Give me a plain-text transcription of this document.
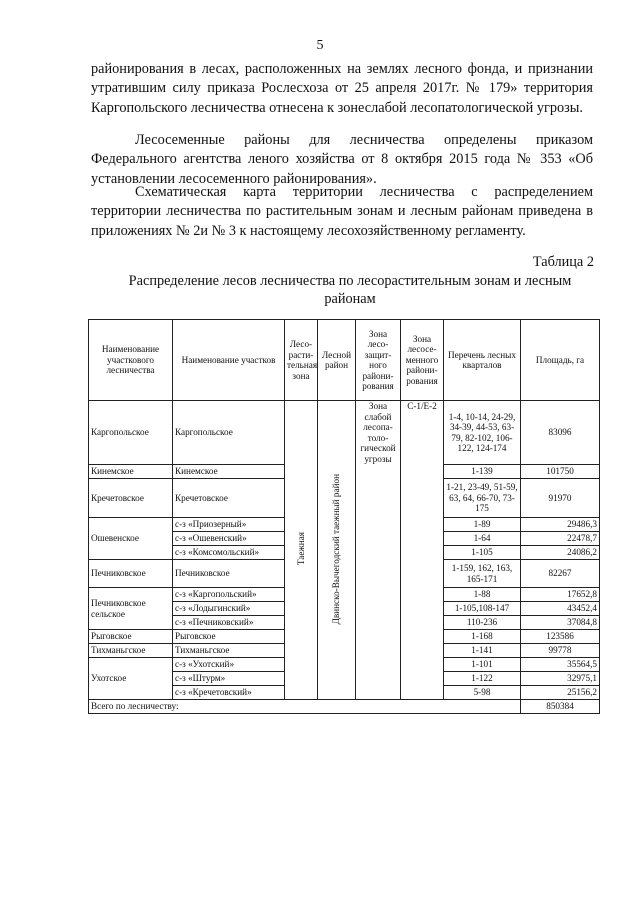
5

районирования в лесах, расположенных на землях лесного фонда, и признании утратившим силу приказа Рослесхоза от 25 апреля 2017г. № 179» территория Каргопольского лесничества отнесена к зонеслабой лесопатологической угрозы.

Лесосеменные районы для лесничества определены приказом Федерального агентства леного хозяйства от 8 октября 2015 года № 353 «Об установлении лесосеменного районирования».

Схематическая карта территории лесничества с распределением территории лесничества по растительным зонам и лесным районам приведена в приложениях № 2и № 3 к настоящему лесохозяйственному регламенту.

Таблица 2
Распределение лесов лесничества по лесорастительным зонам и лесным районам
Наименование участкового лесничества	Наименование участков	Лесо-расти-тельная зона	Лесной район	Зона лесо-защит-ного райони-рования	Зона лесосе-менного райони-рования	Перечень лесных кварталов	Площадь, га
Каргопольское	Каргопольское	Таежная	Двинско-Вычегодский таежный район	Зона слабой лесопа-толо-гической угрозы	С-1/Е-2	1-4, 10-14, 24-29, 34-39, 44-53, 63-79, 82-102, 106-122, 124-174	83096
Кинемское	Кинемское					1-139	101750
Кречетовское	Кречетовское					1-21, 23-49, 51-59, 63, 64, 66-70, 73-175	91970
Ошевенское	с-з «Приозерный»					1-89	29486,3
	с-з «Ошевенский»					1-64	22478,7
	с-з «Комсомольский»					1-105	24086,2
Печниковское	Печниковское					1-159, 162, 163, 165-171	82267
Печниковское сельское	с-з «Каргопольский»					1-88	17652,8
	с-з «Лодыгинский»					1-105,108-147	43452,4
	с-з «Печниковский»					110-236	37084,8
Рыговское	Рыговское					1-168	123586
Тихманьгское	Тихманьгское					1-141	99778
Ухотское	с-з «Ухотский»					1-101	35564,5
	с-з «Штурм»					1-122	32975,1
	с-з «Кречетовский»					5-98	25156,2
Всего по лесничеству:							850384
